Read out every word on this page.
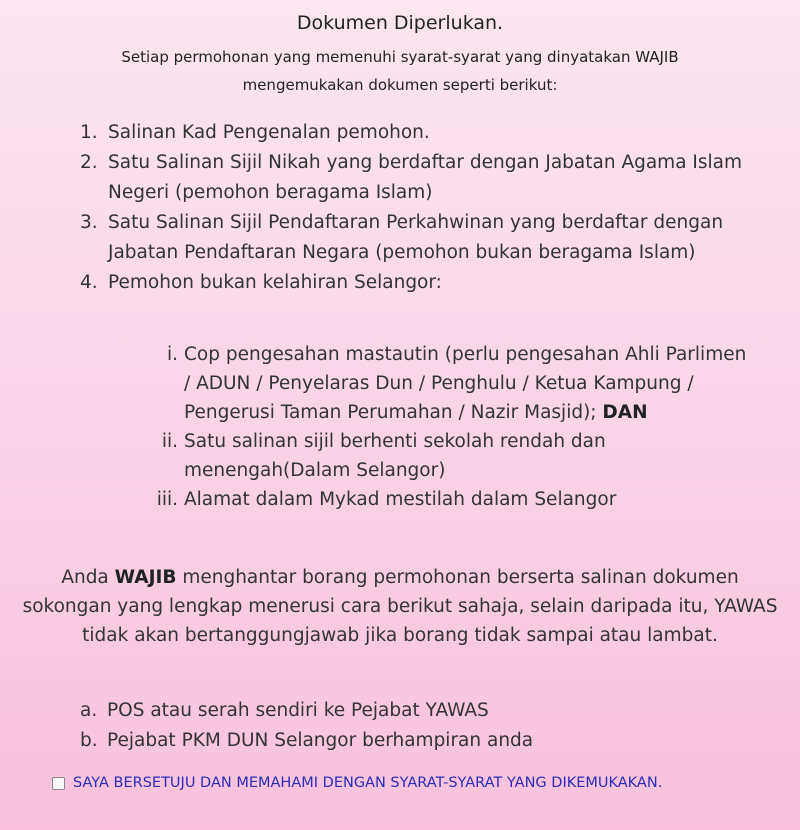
Dokumen Diperlukan.
Setiap permohonan yang memenuhi syarat-syarat yang dinyatakan WAJIB
mengemukakan dokumen seperti berikut:
1. Salinan Kad Pengenalan pemohon.
2. Satu Salinan Sijil Nikah yang berdaftar dengan Jabatan Agama Islam Negeri (pemohon beragama Islam)
3. Satu Salinan Sijil Pendaftaran Perkahwinan yang berdaftar dengan Jabatan Pendaftaran Negara (pemohon bukan beragama Islam)
4. Pemohon bukan kelahiran Selangor:
i. Cop pengesahan mastautin (perlu pengesahan Ahli Parlimen / ADUN / Penyelaras Dun / Penghulu / Ketua Kampung / Pengerusi Taman Perumahan / Nazir Masjid); DAN
ii. Satu salinan sijil berhenti sekolah rendah dan menengah(Dalam Selangor)
iii. Alamat dalam Mykad mestilah dalam Selangor
Anda WAJIB menghantar borang permohonan berserta salinan dokumen sokongan yang lengkap menerusi cara berikut sahaja, selain daripada itu, YAWAS tidak akan bertanggungjawab jika borang tidak sampai atau lambat.
a. POS atau serah sendiri ke Pejabat YAWAS
b. Pejabat PKM DUN Selangor berhampiran anda
SAYA BERSETUJU DAN MEMAHAMI DENGAN SYARAT-SYARAT YANG DIKEMUKAKAN.
